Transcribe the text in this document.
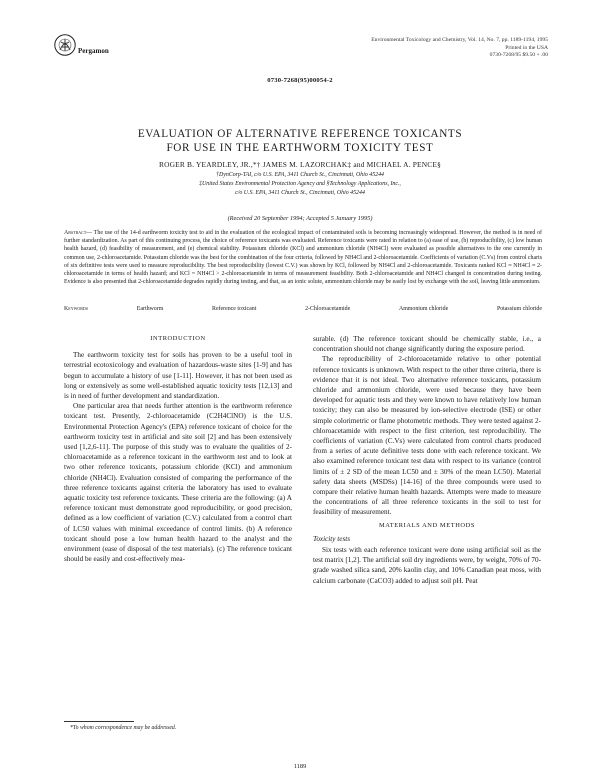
Pergamon
Environmental Toxicology and Chemistry, Vol. 14, No. 7, pp. 1189-1194, 1995
Printed in the USA
0730-7268/95 $9.50 + .00
0730-7268(95)00054-2
EVALUATION OF ALTERNATIVE REFERENCE TOXICANTS
FOR USE IN THE EARTHWORM TOXICITY TEST
ROGER B. YEARDLEY, JR.,*† JAMES M. LAZORCHAK‡ and MICHAEL A. PENCE§
†DynCorp-TAI, c/o U.S. EPA, 3411 Church St., Cincinnati, Ohio 45244
‡United States Environmental Protection Agency and §Technology Applications, Inc.,
c/o U.S. EPA, 3411 Church St., Cincinnati, Ohio 45244
(Received 20 September 1994; Accepted 5 January 1995)
Abstract— The use of the 14-d earthworm toxicity test to aid in the evaluation of the ecological impact of contaminated soils is becoming increasingly widespread. However, the method is in need of further standardization. As part of this continuing process, the choice of reference toxicants was evaluated. Reference toxicants were rated in relation to (a) ease of use, (b) reproducibility, (c) low human health hazard, (d) feasibility of measurement, and (e) chemical stability. Potassium chloride (KCl) and ammonium chloride (NH4Cl) were evaluated as possible alternatives to the one currently in common use, 2-chloroacetamide. Potassium chloride was the best for the combination of the four criteria, followed by NH4Cl and 2-chloroacetamide. Coefficients of variation (C.Vs) from control charts of six definitive tests were used to measure reproducibility. The best reproducibility (lowest C.V.) was shown by KCl, followed by NH4Cl and 2-chloroacetamide. Toxicants ranked KCl ≈ NH4Cl ≈ 2-chloroacetamide in terms of health hazard; and KCl = NH4Cl > 2-chloroacetamide in terms of measurement feasibility. Both 2-chloroacetamide and NH4Cl changed in concentration during testing. Evidence is also presented that 2-chloroacetamide degrades rapidly during testing, and that, as an ionic solute, ammonium chloride may be easily lost by exchange with the soil, leaving little ammonium.
Keywords	Earthworm	Reference toxicant	2-Chloroacetamide	Ammonium chloride	Potassium chloride
INTRODUCTION

The earthworm toxicity test for soils has proven to be a useful tool in terrestrial ecotoxicology and evaluation of hazardous-waste sites [1-9] and has begun to accumulate a history of use [1-11]. However, it has not been used as long or extensively as some well-established aquatic toxicity tests [12,13] and is in need of further development and standardization.

One particular area that needs further attention is the earthworm reference toxicant test. Presently, 2-chloroacetamide (C2H4ClNO) is the U.S. Environmental Protection Agency's (EPA) reference toxicant of choice for the earthworm toxicity test in artificial and site soil [2] and has been extensively used [1,2,6-11]. The purpose of this study was to evaluate the qualities of 2-chloroacetamide as a reference toxicant in the earthworm test and to look at two other reference toxicants, potassium chloride (KCl) and ammonium chloride (NH4Cl). Evaluation consisted of comparing the performance of the three reference toxicants against criteria the laboratory has used to evaluate aquatic toxicity test reference toxicants. These criteria are the following: (a) A reference toxicant must demonstrate good reproducibility, or good precision, defined as a low coefficient of variation (C.V.) calculated from a control chart of LC50 values with minimal exceedance of control limits. (b) A reference toxicant should pose a low human health hazard to the analyst and the environment (ease of disposal of the test materials). (c) The reference toxicant should be easily and cost-effectively mea-

surable. (d) The reference toxicant should be chemically stable, i.e., a concentration should not change significantly during the exposure period.

The reproducibility of 2-chloroacetamide relative to other potential reference toxicants is unknown. With respect to the other three criteria, there is evidence that it is not ideal. Two alternative reference toxicants, potassium chloride and ammonium chloride, were used because they have been developed for aquatic tests and they were known to have relatively low human toxicity; they can also be measured by ion-selective electrode (ISE) or other simple colorimetric or flame photometric methods. They were tested against 2-chloroacetamide with respect to the first criterion, test reproducibility. The coefficients of variation (C.Vs) were calculated from control charts produced from a series of acute definitive tests done with each reference toxicant. We also examined reference toxicant test data with respect to its variance (control limits of ± 2 SD of the mean LC50 and ± 30% of the mean LC50). Material safety data sheets (MSDSs) [14-16] of the three compounds were used to compare their relative human health hazards. Attempts were made to measure the concentrations of all three reference toxicants in the soil to test for feasibility of measurement.

MATERIALS AND METHODS
Toxicity tests

Six tests with each reference toxicant were done using artificial soil as the test matrix [1,2]. The artificial soil dry ingredients were, by weight, 70% of 70-grade washed silica sand, 20% kaolin clay, and 10% Canadian peat moss, with calcium carbonate (CaCO3) added to adjust soil pH. Peat

*To whom correspondence may be addressed.
1189
